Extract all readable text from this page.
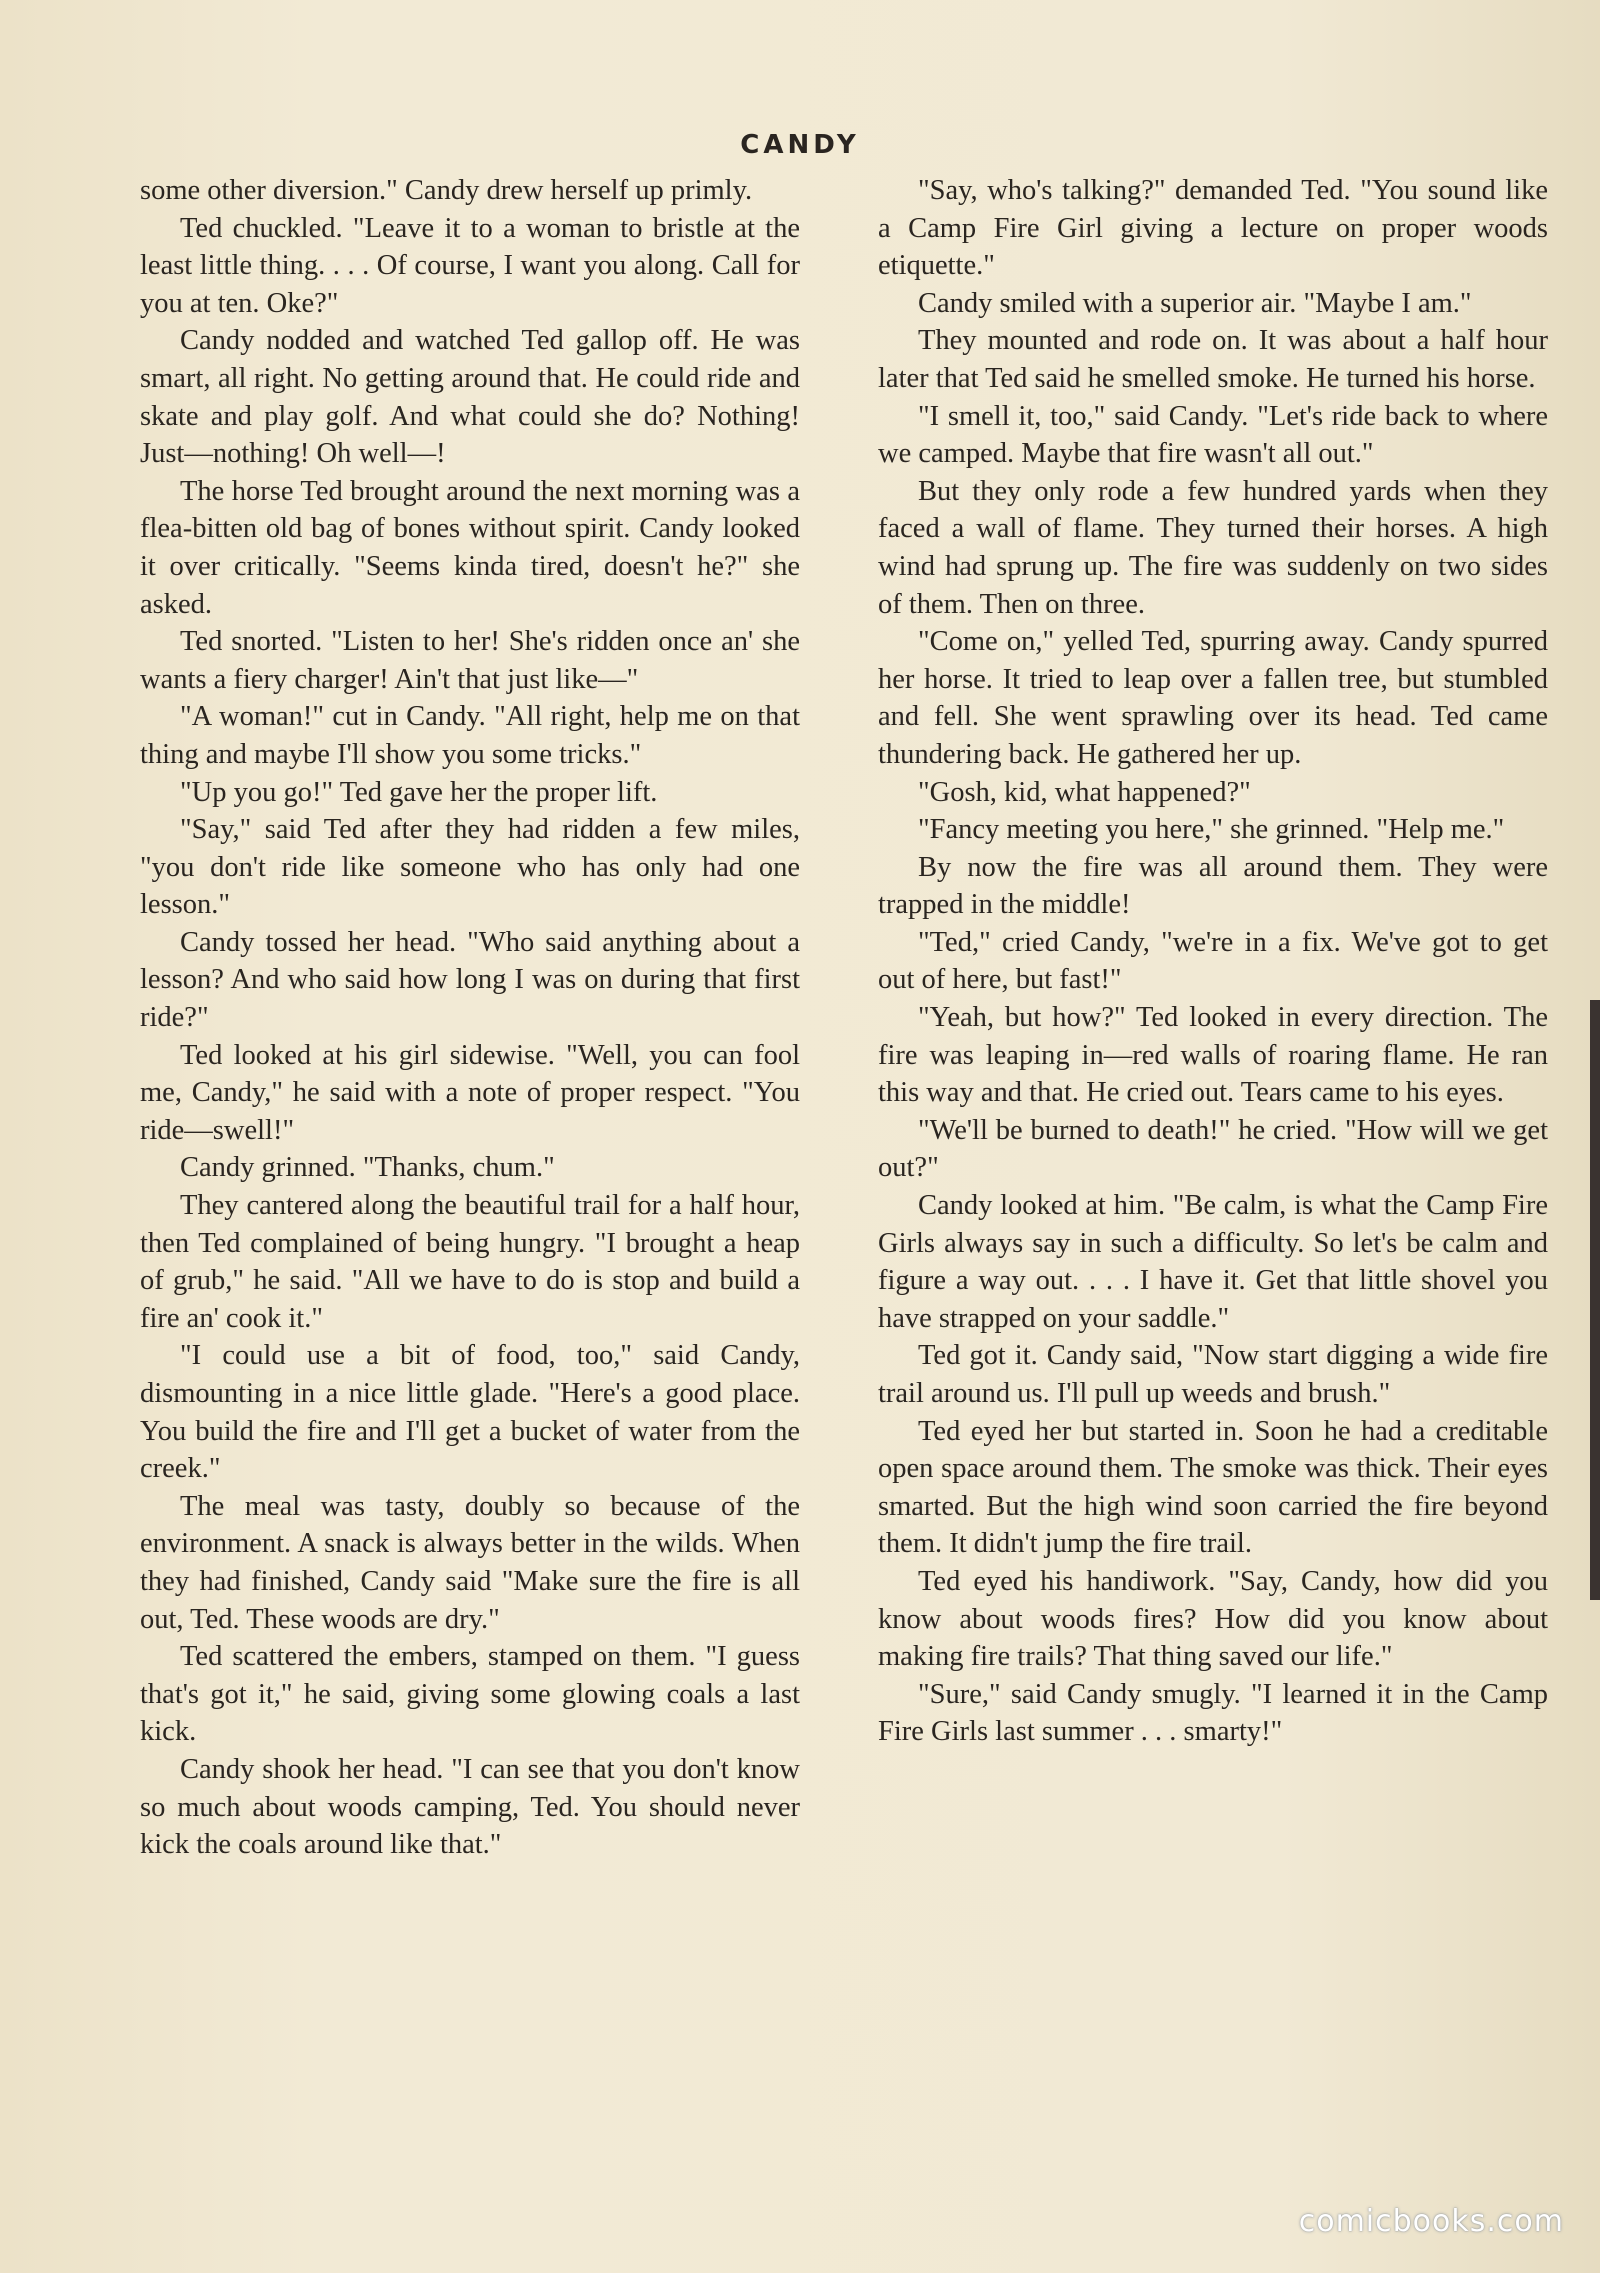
CANDY

some other diversion." Candy drew herself up primly.

Ted chuckled. "Leave it to a woman to bristle at the least little thing. . . . Of course, I want you along. Call for you at ten. Oke?"

Candy nodded and watched Ted gallop off. He was smart, all right. No getting around that. He could ride and skate and play golf. And what could she do? Nothing! Just—nothing! Oh well—!

The horse Ted brought around the next morning was a flea-bitten old bag of bones without spirit. Candy looked it over critically. "Seems kinda tired, doesn't he?" she asked.

Ted snorted. "Listen to her! She's ridden once an' she wants a fiery charger! Ain't that just like—"

"A woman!" cut in Candy. "All right, help me on that thing and maybe I'll show you some tricks."

"Up you go!" Ted gave her the proper lift.

"Say," said Ted after they had ridden a few miles, "you don't ride like someone who has only had one lesson."

Candy tossed her head. "Who said anything about a lesson? And who said how long I was on during that first ride?"

Ted looked at his girl sidewise. "Well, you can fool me, Candy," he said with a note of proper respect. "You ride—swell!"

Candy grinned. "Thanks, chum."

They cantered along the beautiful trail for a half hour, then Ted complained of being hungry. "I brought a heap of grub," he said. "All we have to do is stop and build a fire an' cook it."

"I could use a bit of food, too," said Candy, dismounting in a nice little glade. "Here's a good place. You build the fire and I'll get a bucket of water from the creek."

The meal was tasty, doubly so because of the environment. A snack is always better in the wilds. When they had finished, Candy said "Make sure the fire is all out, Ted. These woods are dry."

Ted scattered the embers, stamped on them. "I guess that's got it," he said, giving some glowing coals a last kick.

Candy shook her head. "I can see that you don't know so much about woods camping, Ted. You should never kick the coals around like that."

"Say, who's talking?" demanded Ted. "You sound like a Camp Fire Girl giving a lecture on proper woods etiquette."

Candy smiled with a superior air. "Maybe I am."

They mounted and rode on. It was about a half hour later that Ted said he smelled smoke. He turned his horse.

"I smell it, too," said Candy. "Let's ride back to where we camped. Maybe that fire wasn't all out."

But they only rode a few hundred yards when they faced a wall of flame. They turned their horses. A high wind had sprung up. The fire was suddenly on two sides of them. Then on three.

"Come on," yelled Ted, spurring away. Candy spurred her horse. It tried to leap over a fallen tree, but stumbled and fell. She went sprawling over its head. Ted came thundering back. He gathered her up.

"Gosh, kid, what happened?"

"Fancy meeting you here," she grinned. "Help me."

By now the fire was all around them. They were trapped in the middle!

"Ted," cried Candy, "we're in a fix. We've got to get out of here, but fast!"

"Yeah, but how?" Ted looked in every direction. The fire was leaping in—red walls of roaring flame. He ran this way and that. He cried out. Tears came to his eyes.

"We'll be burned to death!" he cried. "How will we get out?"

Candy looked at him. "Be calm, is what the Camp Fire Girls always say in such a difficulty. So let's be calm and figure a way out. . . . I have it. Get that little shovel you have strapped on your saddle."

Ted got it. Candy said, "Now start digging a wide fire trail around us. I'll pull up weeds and brush."

Ted eyed her but started in. Soon he had a creditable open space around them. The smoke was thick. Their eyes smarted. But the high wind soon carried the fire beyond them. It didn't jump the fire trail.

Ted eyed his handiwork. "Say, Candy, how did you know about woods fires? How did you know about making fire trails? That thing saved our life."

"Sure," said Candy smugly. "I learned it in the Camp Fire Girls last summer . . . smarty!"

comicbooks.com
